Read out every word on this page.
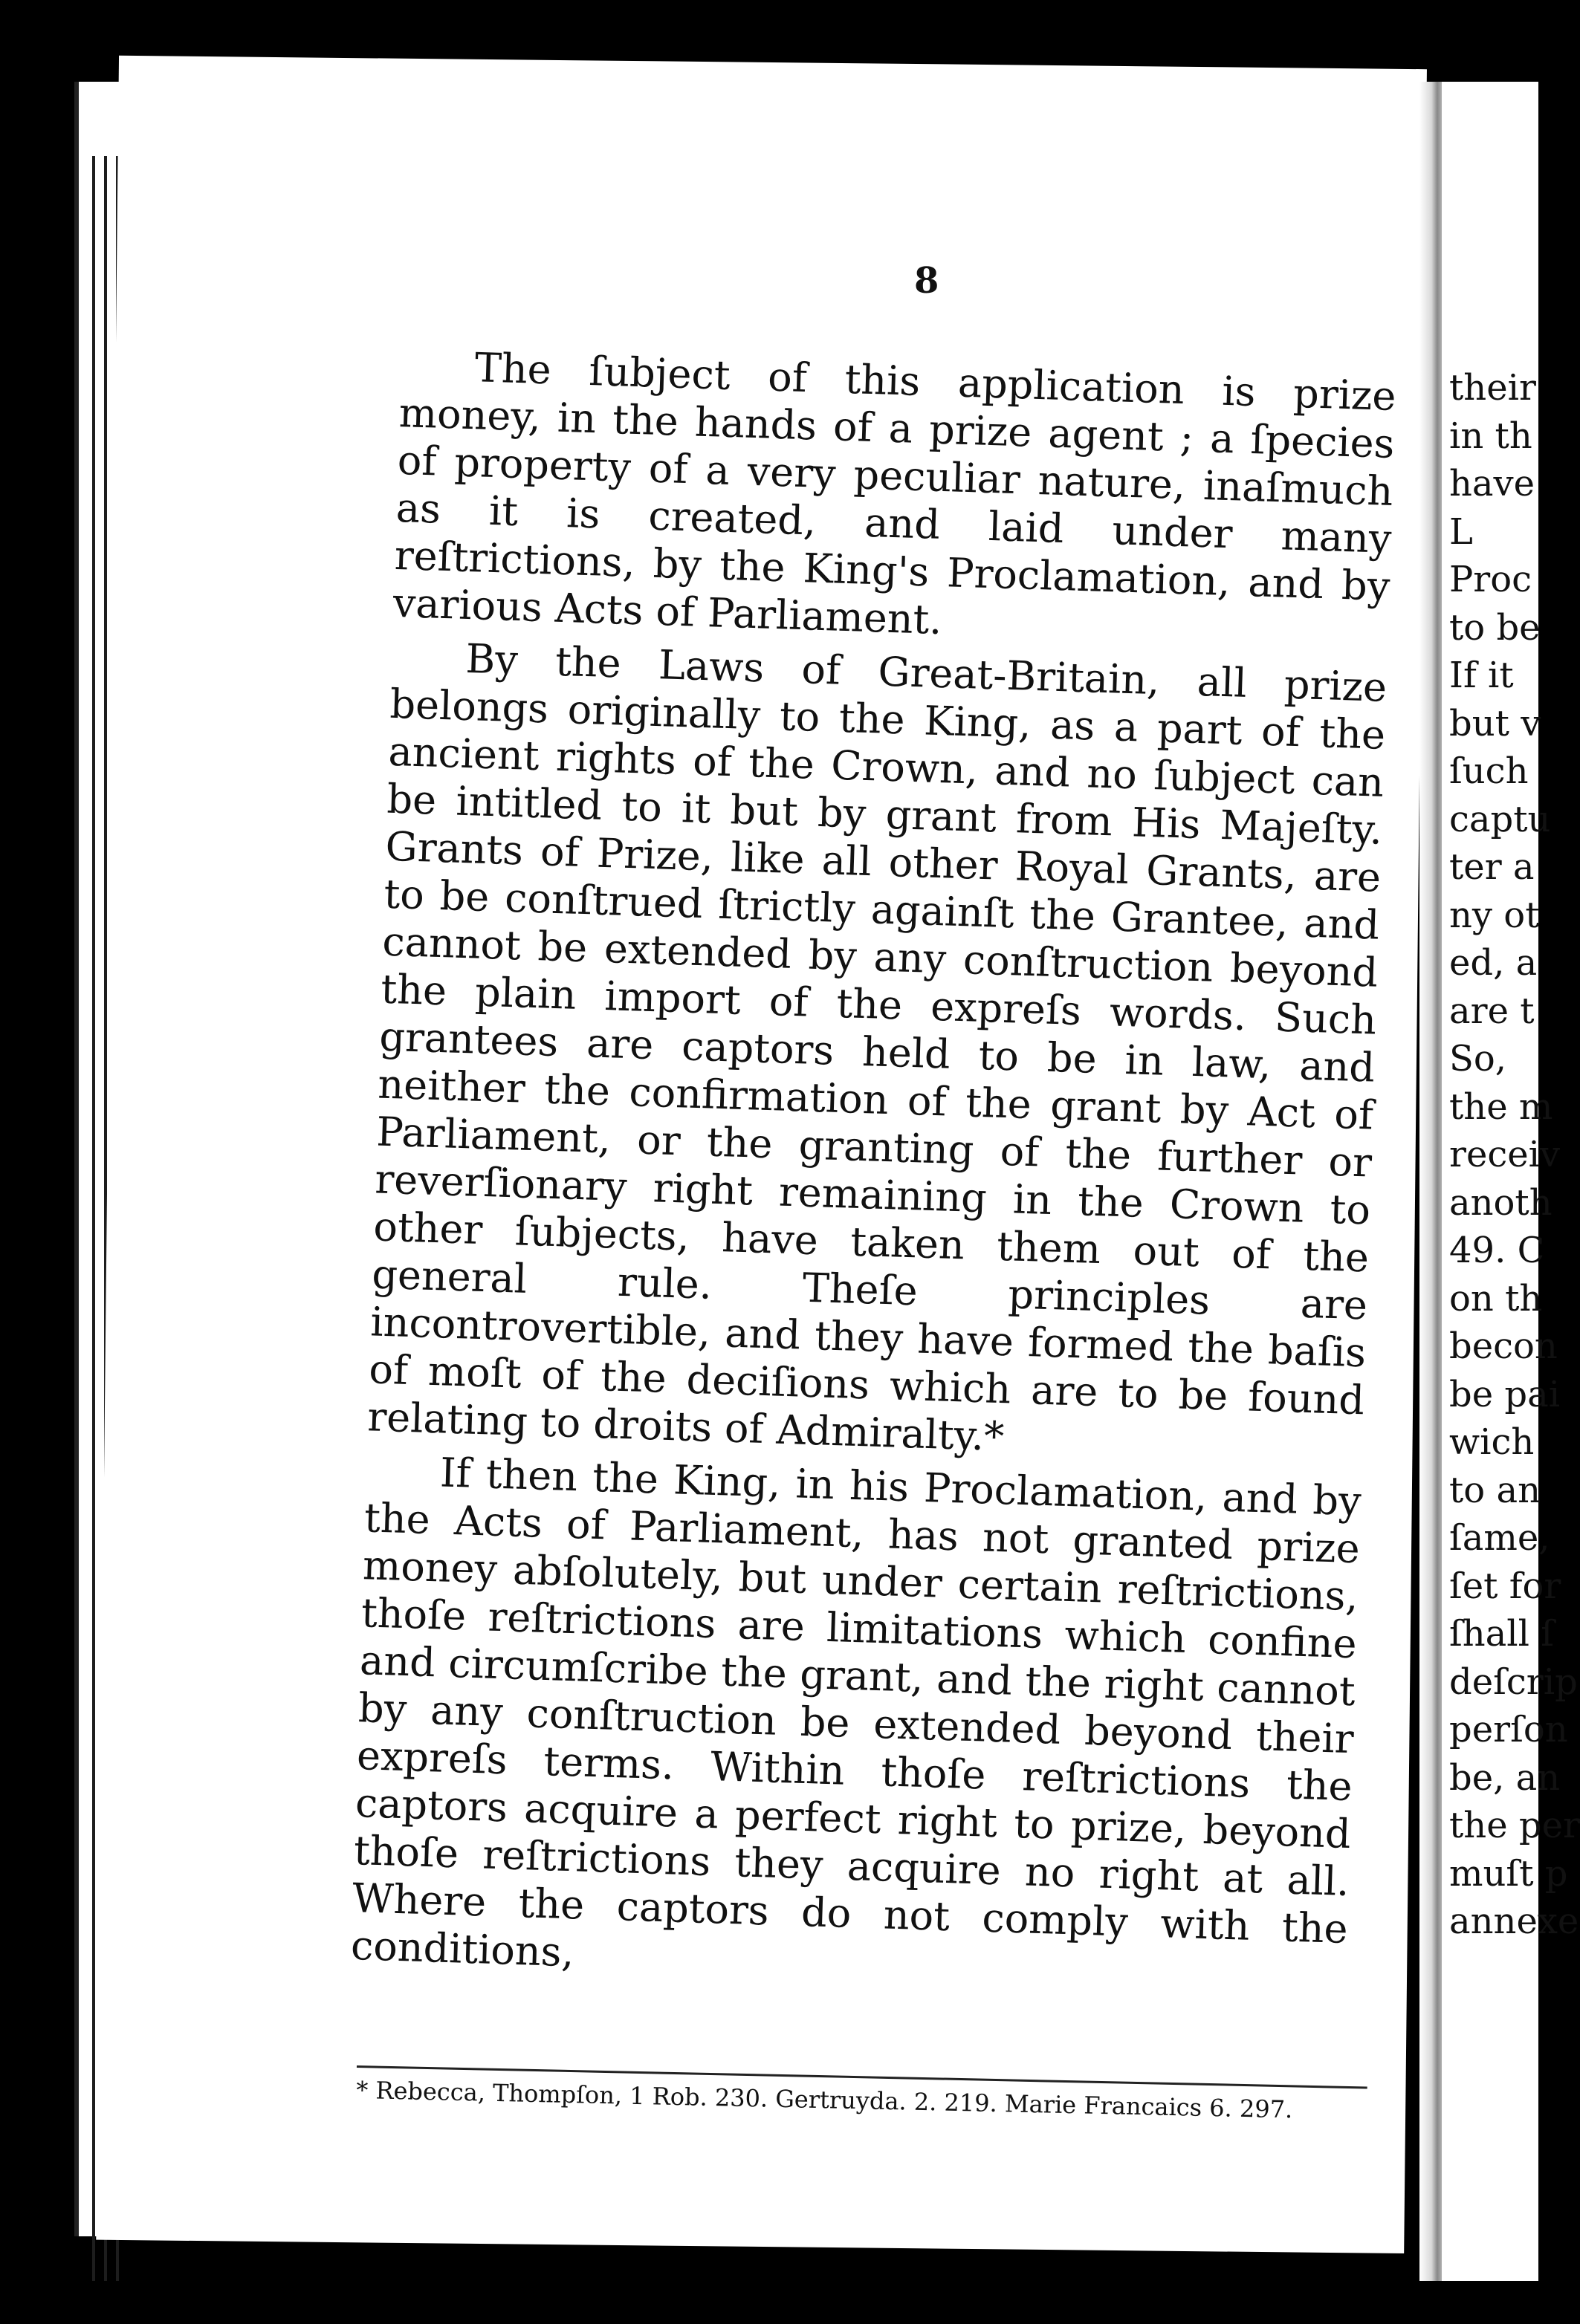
8

The ſubject of this application is prize money, in the hands of a prize agent ; a ſpecies of property of a very peculiar nature, inaſmuch as it is created, and laid under many reſtrictions, by the King's Proclamation, and by various Acts of Parliament.

By the Laws of Great-Britain, all prize belongs originally to the King, as a part of the ancient rights of the Crown, and no ſubject can be intitled to it but by grant from His Majeſty. Grants of Prize, like all other Royal Grants, are to be conſtrued ſtrictly againſt the Grantee, and cannot be extended by any conſtruction beyond the plain import of the expreſs words. Such grantees are captors held to be in law, and neither the confirmation of the grant by Act of Parliament, or the granting of the further or reverſionary right remaining in the Crown to other ſubjects, have taken them out of the general rule. Theſe principles are incontrovertible, and they have formed the baſis of moſt of the deciſions which are to be found relating to droits of Admiralty.*

If then the King, in his Proclamation, and by the Acts of Parliament, has not granted prize money abſolutely, but under certain reſtrictions, thoſe reſtrictions are limitations which confine and circumſcribe the grant, and the right cannot by any conſtruction be extended beyond their expreſs terms. Within thoſe reſtrictions the captors acquire a perfect right to prize, beyond thoſe reſtrictions they acquire no right at all. Where the captors do not comply with the conditions,

* Rebecca, Thompſon, 1 Rob. 230. Gertruyda. 2. 219. Marie Francaics 6. 297.
their
in th
have
L
Proc
to be
If it
but v
ſuch
captu
ter a
ny ot
ed, a
are t
So,
the m
receiv
anoth
49. C
on th
becon
be pai
wich
to an
ſame,
ſet for
ſhall ſ
deſcrip
perſon
be, an
the per
muſt p
annexe
